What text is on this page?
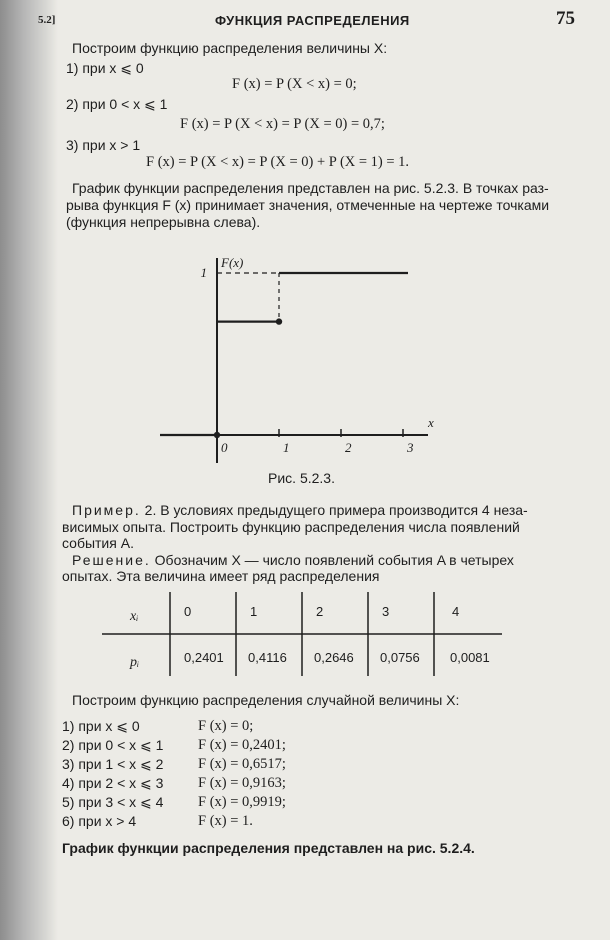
5.2]	ФУНКЦИЯ РАСПРЕДЕЛЕНИЯ	75
Построим функцию распределения величины X:
1) при x ⩽ 0
F (x) = P (X < x) = 0;
2) при 0 < x ⩽ 1
F (x) = P (X < x) = P (X = 0) = 0,7;
3) при x > 1
F (x) = P (X < x) = P (X = 0) + P (X = 1) = 1.
График функции распределения представлен на рис. 5.2.3. В точках раз-
рыва функция F (x) принимает значения, отмеченные на чертеже точками
(функция непрерывна слева).
0	1	2	3
x
1
F(x)
Рис. 5.2.3.
Пример. 2. В условиях предыдущего примера производится 4 неза-
висимых опыта. Построить функцию распределения числа появлений
события A.
Решение. Обозначим X — число появлений события A в четырех
опытах. Эта величина имеет ряд распределения
xᵢ
pᵢ
0	1	2	3	4
0,2401 0,4116 0,2646 0,0756 0,0081
Построим функцию распределения случайной величины X:
1) при x ⩽ 0	F (x) = 0;
2) при 0 < x ⩽ 1 F (x) = 0,2401;
3) при 1 < x ⩽ 2 F (x) = 0,6517;
4) при 2 < x ⩽ 3 F (x) = 0,9163;
5) при 3 < x ⩽ 4 F (x) = 0,9919;
6) при x > 4	F (x) = 1.
График функции распределения представлен на рис. 5.2.4.
